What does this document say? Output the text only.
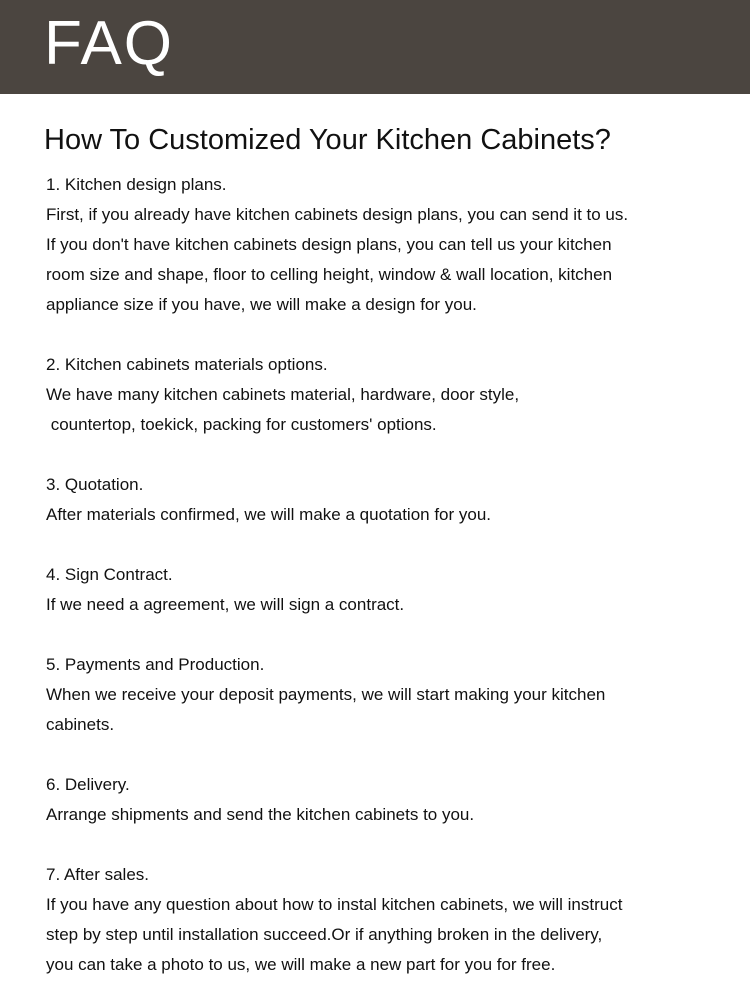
FAQ
How To Customized Your Kitchen Cabinets?
1. Kitchen design plans.
First, if you already have kitchen cabinets design plans, you can send it to us.
If you don't have kitchen cabinets design plans, you can tell us your kitchen
room size and shape, floor to celling height, window & wall location, kitchen
appliance size if you have, we will make a design for you.
2. Kitchen cabinets materials options.
We have many kitchen cabinets material, hardware, door style,
countertop, toekick, packing for customers' options.
3. Quotation.
After materials confirmed, we will make a quotation for you.
4. Sign Contract.
If we need a agreement, we will sign a contract.
5. Payments and Production.
When we receive your deposit payments, we will start making your kitchen
cabinets.
6. Delivery.
Arrange shipments and send the kitchen cabinets to you.
7. After sales.
If you have any question about how to instal kitchen cabinets, we will instruct
step by step until installation succeed.Or if anything broken in the delivery,
you can take a photo to us, we will make a new part for you for free.
